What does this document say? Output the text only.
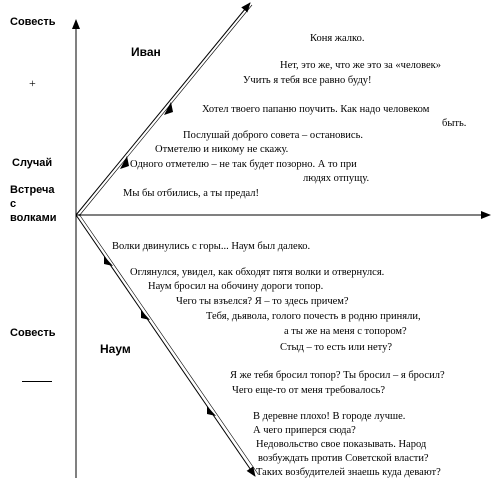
Совесть
+
Случай
Встреча
с
волками
Совесть
Иван
Наум
Коня жалко.
Нет, это же, что же это за «человек»
Учить я тебя все равно буду!
Хотел твоего папаню поучить. Как надо человеком
быть.
Послушай доброго совета – остановись.
Отметелю и никому не скажу.
Одного отметелю – не так будет позорно. А то при
людях отпущу.
Мы бы отбились, а ты предал!
Волки двинулись с горы... Наум был далеко.
Оглянулся, увидел, как обходят пятя волки и отвернулся.
Наум бросил на обочину дороги топор.
Чего ты взъелся? Я – то здесь причем?
Тебя, дьявола, голого почесть в родню приняли,
а ты же на меня с топором?
Стыд – то есть или нету?
Я же тебя бросил топор? Ты бросил – я бросил?
Чего еще-то от меня требовалось?
В деревне плохо! В городе лучше.
А чего приперся сюда?
Недовольство свое показывать. Народ
возбуждать против Советской власти?
Таких возбудителей знаешь куда девают?
